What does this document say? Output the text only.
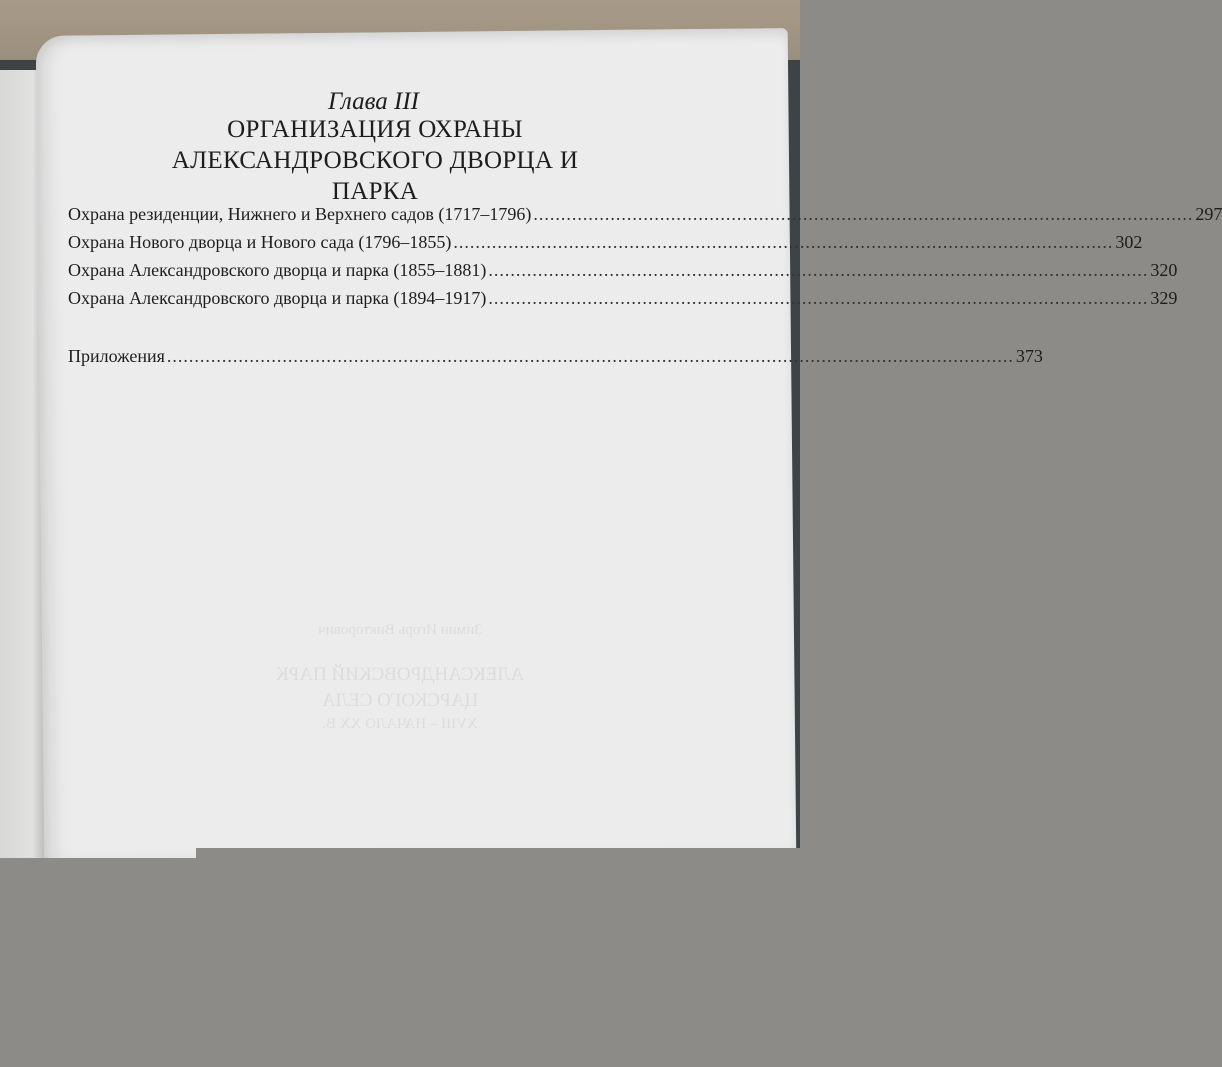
Глава III
ОРГАНИЗАЦИЯ ОХРАНЫ
АЛЕКСАНДРОВСКОГО ДВОРЦА И ПАРКА
Охрана резиденции, Нижнего и Верхнего садов (1717–1796) ........................................................................................................................ 297
Охрана Нового дворца и Нового сада (1796–1855) ........................................................................................................................ 302
Охрана Александровского дворца и парка (1855–1881) ........................................................................................................................ 320
Охрана Александровского дворца и парка (1894–1917) ........................................................................................................................ 329
Приложения .......................................................................................................................................................... 373
Зимин Игорь Викторович
АЛЕКСАНДРОВСКИЙ ПАРК
ЦАРСКОГО СЕЛА
XVIII – НАЧАЛО XX В.
